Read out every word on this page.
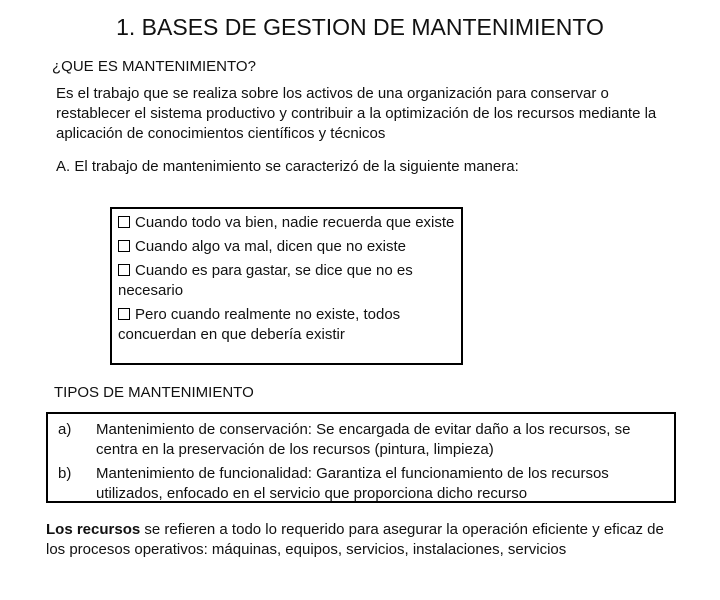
1. BASES DE GESTION DE MANTENIMIENTO
¿QUE ES MANTENIMIENTO?
Es el trabajo que se realiza sobre los activos de una organización para conservar o restablecer el sistema productivo y contribuir a la optimización de los recursos mediante la aplicación de conocimientos científicos y técnicos
A. El trabajo de mantenimiento se caracterizó de la siguiente manera:
Cuando todo va bien, nadie recuerda que existe
Cuando algo va mal, dicen que no existe
Cuando es para gastar, se dice que no es necesario
Pero cuando realmente no existe, todos concuerdan en que debería existir
TIPOS DE MANTENIMIENTO
a)	Mantenimiento de conservación: Se encargada de evitar daño a los recursos, se centra en la preservación de los recursos (pintura, limpieza)
b)	Mantenimiento de funcionalidad: Garantiza el funcionamiento de los recursos utilizados, enfocado en el servicio que proporciona dicho recurso
Los recursos se refieren a todo lo requerido para asegurar la operación eficiente y eficaz de los procesos operativos: máquinas, equipos, servicios, instalaciones, servicios
